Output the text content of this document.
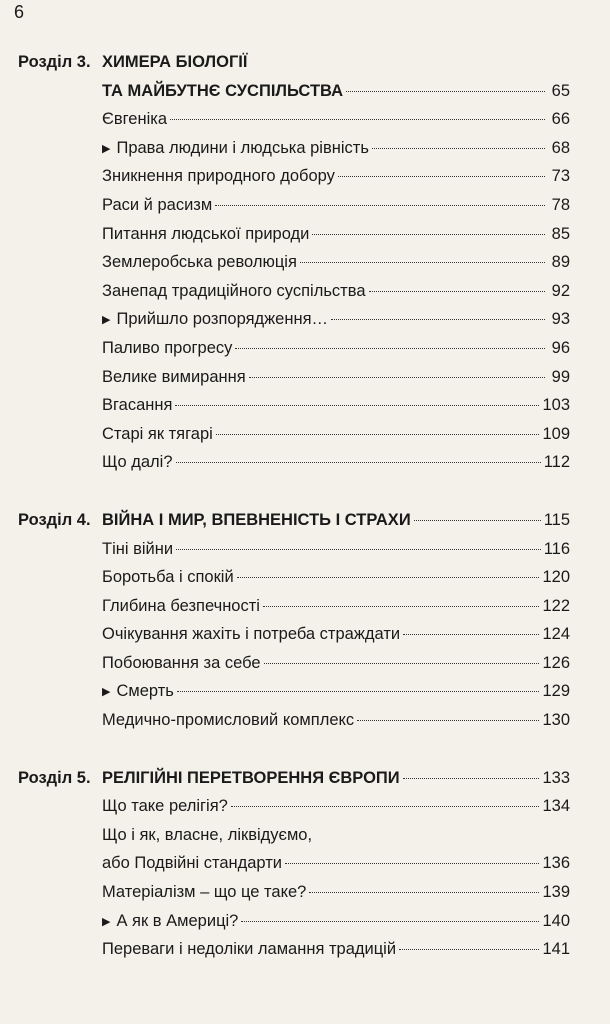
6
Розділ 3. ХИМЕРА БІОЛОГІЇ
ТА МАЙБУТНЄ СУСПІЛЬСТВА	65
Євгеніка	66
▶ Права людини і людська рівність	68
Зникнення природного добору	73
Раси й расизм	78
Питання людської природи	85
Землеробська революція	89
Занепад традиційного суспільства	92
▶ Прийшло розпорядження…	93
Паливо прогресу	96
Велике вимирання	99
Вгасання	103
Старі як тягарі	109
Що далі?	112
Розділ 4. ВІЙНА І МИР, ВПЕВНЕНІСТЬ І СТРАХИ	115
Тіні війни	116
Боротьба і спокій	120
Глибина безпечності	122
Очікування жахіть і потреба страждати	124
Побоювання за себе	126
▶ Смерть	129
Медично-промисловий комплекс	130
Розділ 5. РЕЛІГІЙНІ ПЕРЕТВОРЕННЯ ЄВРОПИ	133
Що таке релігія?	134
Що і як, власне, ліквідуємо,
або Подвійні стандарти	136
Матеріалізм – що це таке?	139
▶ А як в Америці?	140
Переваги і недоліки ламання традицій	141
